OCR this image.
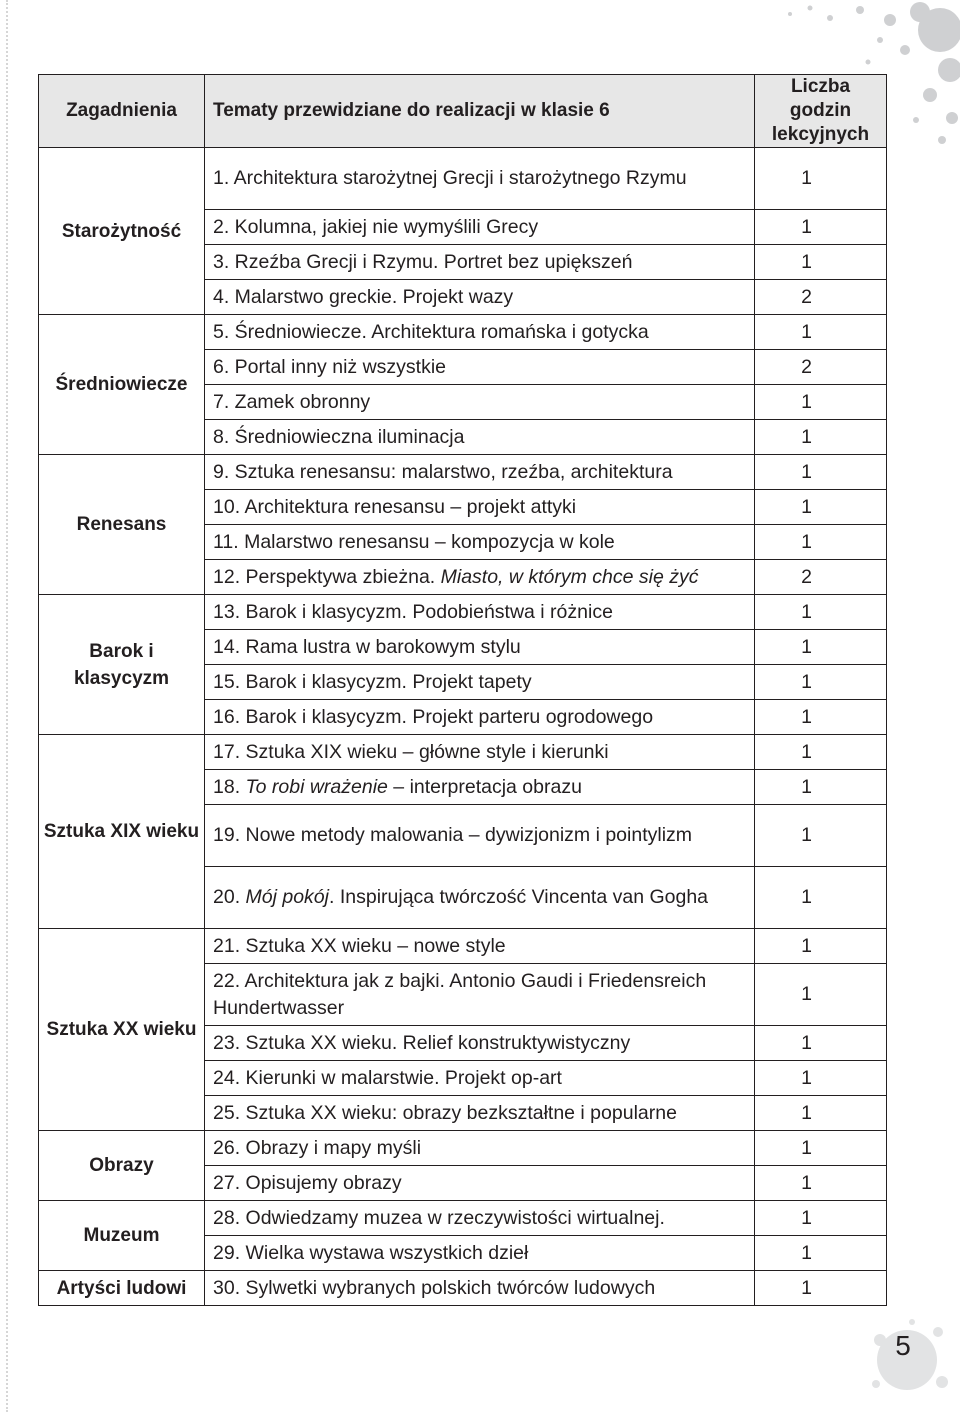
Zagadnienia	Tematy przewidziane do realizacji w klasie 6	Liczba godzin lekcyjnych
Starożytność	1. Architektura starożytnej Grecji i starożytnego Rzymu	1
	2. Kolumna, jakiej nie wymyślili Grecy	1
	3. Rzeźba Grecji i Rzymu. Portret bez upiększeń	1
	4. Malarstwo greckie. Projekt wazy	2
Średniowiecze	5. Średniowiecze. Architektura romańska i gotycka	1
	6. Portal inny niż wszystkie	2
	7. Zamek obronny	1
	8. Średniowieczna iluminacja	1
Renesans	9. Sztuka renesansu: malarstwo, rzeźba, architektura	1
	10. Architektura renesansu – projekt attyki	1
	11. Malarstwo renesansu – kompozycja w kole	1
	12. Perspektywa zbieżna. Miasto, w którym chce się żyć	2
Barok i klasycyzm	13. Barok i klasycyzm. Podobieństwa i różnice	1
	14. Rama lustra w barokowym stylu	1
	15. Barok i klasycyzm. Projekt tapety	1
	16. Barok i klasycyzm. Projekt parteru ogrodowego	1
Sztuka XIX wieku	17. Sztuka XIX wieku – główne style i kierunki	1
	18. To robi wrażenie – interpretacja obrazu	1
	19. Nowe metody malowania – dywizjonizm i pointylizm	1
	20. Mój pokój. Inspirująca twórczość Vincenta van Gogha	1
Sztuka XX wieku	21. Sztuka XX wieku – nowe style	1
	22. Architektura jak z bajki. Antonio Gaudi i Friedensreich Hundertwasser	1
	23. Sztuka XX wieku. Relief konstruktywistyczny	1
	24. Kierunki w malarstwie. Projekt op-art	1
	25. Sztuka XX wieku: obrazy bezkształtne i popularne	1
Obrazy	26. Obrazy i mapy myśli	1
	27. Opisujemy obrazy	1
Muzeum	28. Odwiedzamy muzea w rzeczywistości wirtualnej.	1
	29. Wielka wystawa wszystkich dzieł	1
Artyści ludowi	30. Sylwetki wybranych polskich twórców ludowych	1
5
